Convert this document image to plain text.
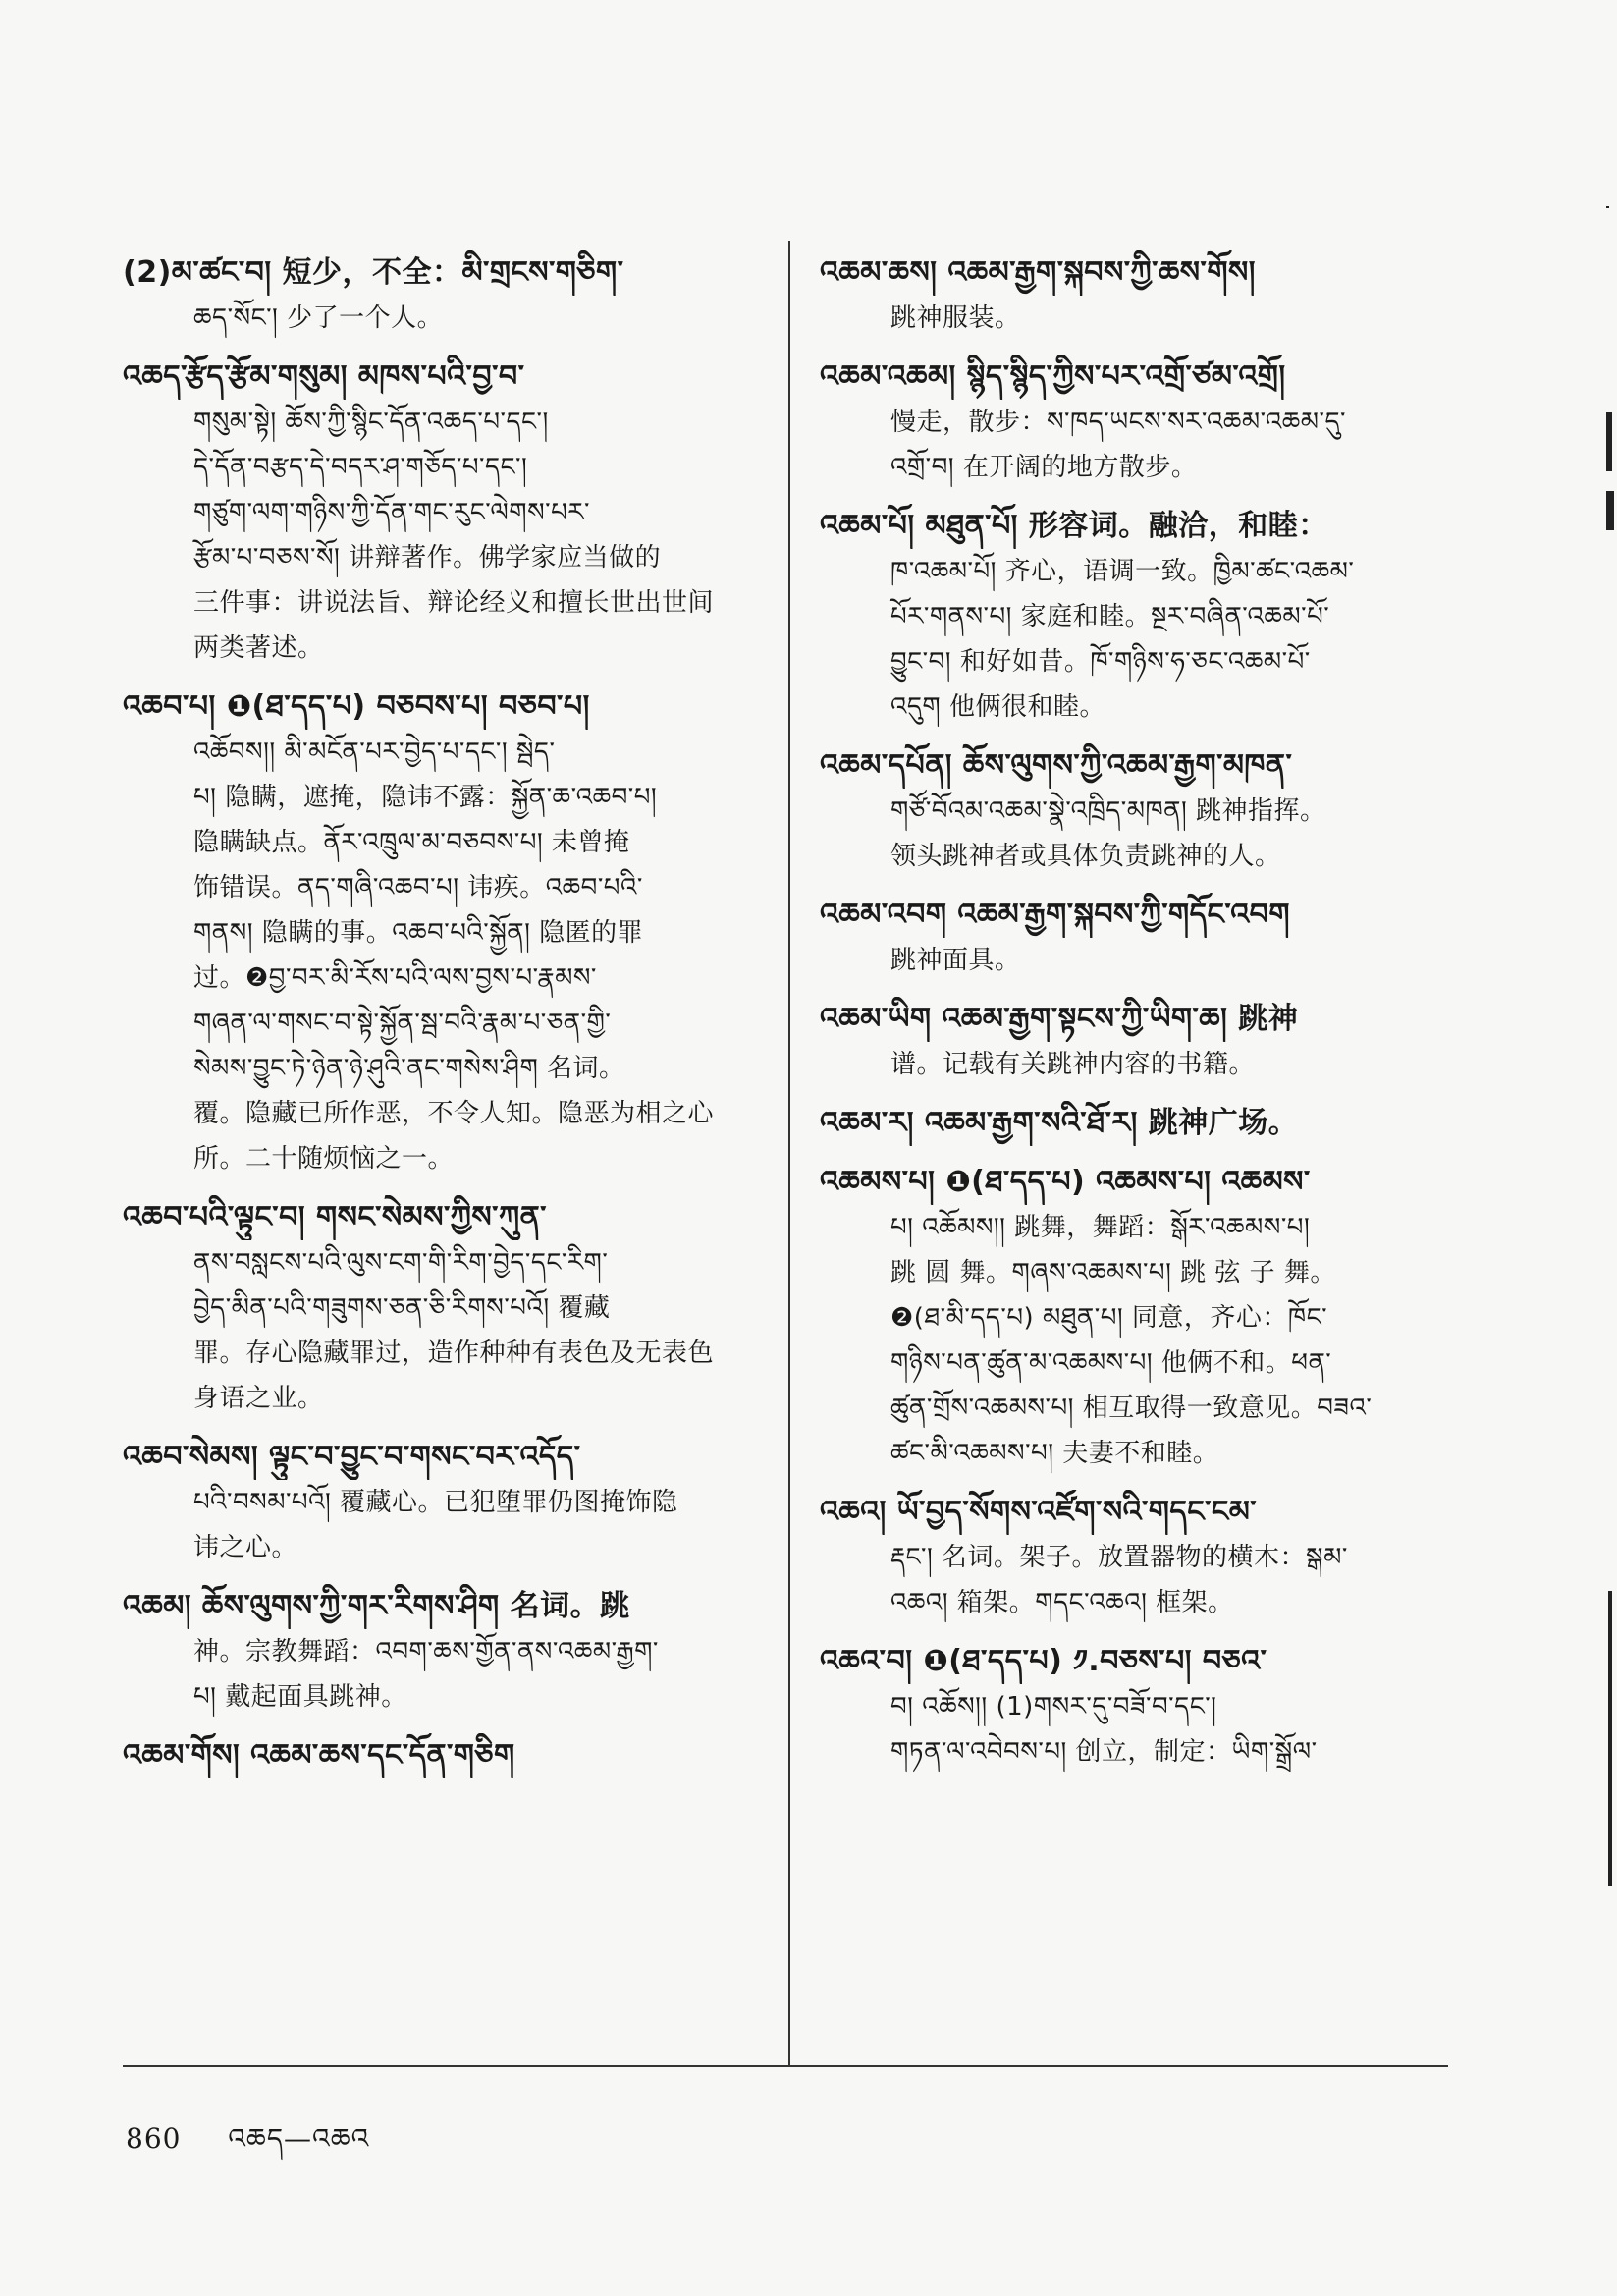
(2)མ་ཚང་བ། 短少，不全：མི་གྲངས་གཅིག་
ཆད་སོང་། 少了一个人。
འཆད་རྩོད་རྩོམ་གསུམ། མཁས་པའི་བྱ་བ་
གསུམ་སྟེ། ཆོས་ཀྱི་སྙིང་དོན་འཆད་པ་དང་།
དེ་དོན་བརྩད་དེ་བདར་ཤ་གཅོད་པ་དང་།
གཙུག་ལག་གཉིས་ཀྱི་དོན་གང་རུང་ལེགས་པར་
རྩོམ་པ་བཅས་སོ། 讲辩著作。佛学家应当做的
三件事：讲说法旨、辩论经义和擅长世出世间
两类著述。
འཆབ་པ། ❶(ཐ་དད་པ) བཅབས་པ། བཅབ་པ།
འཆོབས།། མི་མངོན་པར་བྱེད་པ་དང་། སྦེད་
པ། 隐瞒，遮掩，隐讳不露：སྐྱོན་ཆ་འཆབ་པ།
隐瞒缺点。ནོར་འཁྲུལ་མ་བཅབས་པ། 未曾掩
饰错误。ནད་གཞི་འཆབ་པ། 讳疾。འཆབ་པའི་
གནས། 隐瞒的事。འཆབ་པའི་སྐྱོན། 隐匿的罪
过。❷བྱ་བར་མི་རོས་པའི་ལས་བྱས་པ་རྣམས་
གཞན་ལ་གསང་བ་སྟེ་སྐྱོན་སྦ་བའི་རྣམ་པ་ཅན་གྱི་
སེམས་བྱུང་ཏེ་ཉེན་ཉེ་ཤུའི་ནང་གསེས་ཤིག 名词。
覆。隐藏已所作恶，不令人知。隐恶为相之心
所。二十随烦恼之一。
འཆབ་པའི་ལྟུང་བ། གསང་སེམས་ཀྱིས་ཀུན་
ནས་བསླངས་པའི་ལུས་ངག་གི་རིག་བྱེད་དང་རིག་
བྱེད་མིན་པའི་གཟུགས་ཅན་ཅི་རིགས་པའོ། 覆藏
罪。存心隐藏罪过，造作种种有表色及无表色
身语之业。
འཆབ་སེམས། ལྟུང་བ་བྱུང་བ་གསང་བར་འདོད་
པའི་བསམ་པའོ། 覆藏心。已犯堕罪仍图掩饰隐
讳之心。
འཆམ། ཆོས་ལུགས་ཀྱི་གར་རིགས་ཤིག 名词。跳
神。宗教舞蹈：འབག་ཆས་གྱོན་ནས་འཆམ་རྒྱག་
པ། 戴起面具跳神。
འཆམ་གོས། འཆམ་ཆས་དང་དོན་གཅིག
འཆམ་ཆས། འཆམ་རྒྱག་སྐབས་ཀྱི་ཆས་གོས།
跳神服装。
འཆམ་འཆམ། སྙིད་སྙིད་ཀྱིས་པར་འགྲོ་ཙམ་འགྲོ།
慢走，散步：ས་ཁད་ཡངས་སར་འཆམ་འཆམ་དུ་
འགྲོ་བ། 在开阔的地方散步。
འཆམ་པོ། མཐུན་པོ། 形容词。融洽，和睦：
ཁ་འཆམ་པོ། 齐心，语调一致。ཁྱིམ་ཚང་འཆམ་
པོར་གནས་པ། 家庭和睦。སྔར་བཞིན་འཆམ་པོ་
བྱུང་བ། 和好如昔。ཁོ་གཉིས་ཧ་ཅང་འཆམ་པོ་
འདུག 他俩很和睦。
འཆམ་དཔོན། ཆོས་ལུགས་ཀྱི་འཆམ་རྒྱག་མཁན་
གཙོ་བོའམ་འཆམ་སྣེ་འཁྲིད་མཁན། 跳神指挥。
领头跳神者或具体负责跳神的人。
འཆམ་འབག འཆམ་རྒྱག་སྐབས་ཀྱི་གདོང་འབག
跳神面具。
འཆམ་ཡིག འཆམ་རྒྱག་སྟངས་ཀྱི་ཡིག་ཆ། 跳神
谱。记载有关跳神内容的书籍。
འཆམ་ར། འཆམ་རྒྱག་སའི་ཐོ་ར། 跳神广场。
འཆམས་པ། ❶(ཐ་དད་པ) འཆམས་པ། འཆམས་
པ། འཆོམས།། 跳舞，舞蹈：སྒོར་འཆམས་པ།
跳 圆 舞。གཞས་འཆམས་པ། 跳 弦 子 舞。
❷(ཐ་མི་དད་པ) མཐུན་པ། 同意，齐心：ཁོང་
གཉིས་པན་ཚུན་མ་འཆམས་པ། 他俩不和。ཕན་
ཚུན་གྲོས་འཆམས་པ། 相互取得一致意见。བཟའ་
ཚང་མི་འཆམས་པ། 夫妻不和睦。
འཆའ། ཡོ་བྱད་སོགས་འཛོག་སའི་གདང་ངམ་
རྡང་། 名词。架子。放置器物的横木：སྒམ་
འཆའ། 箱架。གདང་འཆའ། 框架。
འཆའ་བ། ❶(ཐ་དད་པ) ༡.བཅས་པ། བཅའ་
བ། འཆོས།། (1)གསར་དུ་བཟོ་བ་དང་།
གཏན་ལ་འབེབས་པ། 创立，制定：ཡིག་སྒྲོལ་
860 འཆད—འཆའ
